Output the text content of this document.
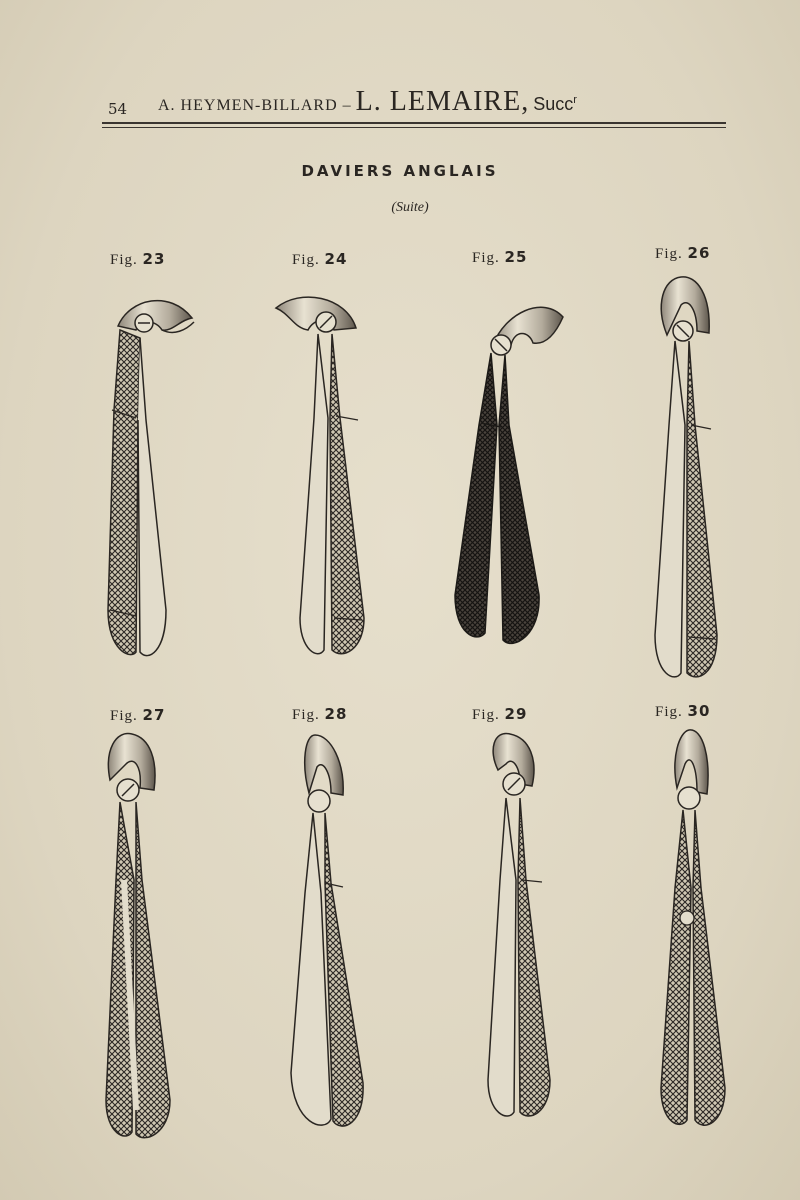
54 A. HEYMEN-BILLARD – L. LEMAIRE, Succ$^r$
DAVIERS ANGLAIS
(Suite)
Fig. 23	Fig. 24	Fig. 25	Fig. 26
Fig. 27	Fig. 28	Fig. 29	Fig. 30
